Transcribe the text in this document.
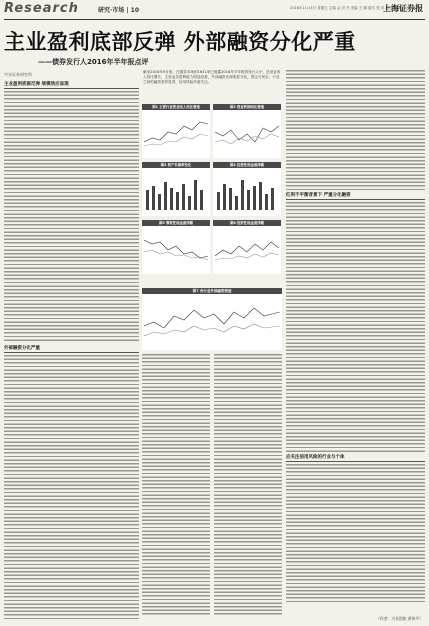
Research	研究·市场 | 10	2016年11月4日 星期五 主编 金 洪 杰 美编 王 鹏 版式 张 伟 校对 马 明
上海证券报
主业盈利底部反弹 外部融资分化严重
——债券发行人2016年半年报点评
兴业证券研究所
主业盈利底部反弹 规模效应显现
外部融资分化严重
截至2016年9月底，在债券市场的1631家已披露2016年半年报的发行人中，总营业收入同比增长，主营业务盈利能力明显改善，外部融资出现明显分化，国企与民企、行业之间的融资差异显著，信用风险仍需关注。
图1 主要行业营业收入同比增速	图2 营业利润同比增速
图3 资产负债率变化	图4 经营性现金流净额
图5 筹资性现金流净额	图6 投资性现金流净额
图7 各行业外部融资增速
红利不平衡背景下 严重分化融资
应关注信用风险的行业与个体
（作者：兴业固收 黄伟平）
